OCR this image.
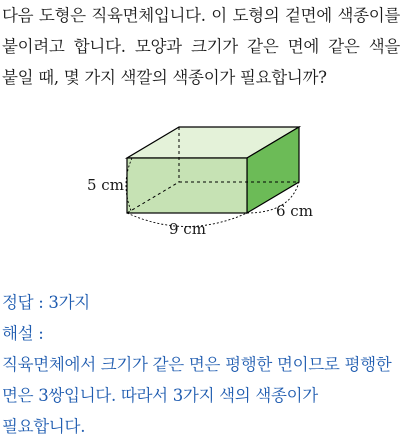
다음 도형은 직육면체입니다. 이 도형의 겉면에 색종이를 붙이려고 합니다. 모양과 크기가 같은 면에 같은 색을 붙일 때, 몇 가지 색깔의 색종이가 필요합니까?

5 cm
9 cm
6 cm
정답 : 3가지
해설 :
직육면체에서 크기가 같은 면은 평행한 면이므로 평행한 면은 3쌍입니다. 따라서 3가지 색의 색종이가 필요합니다.
